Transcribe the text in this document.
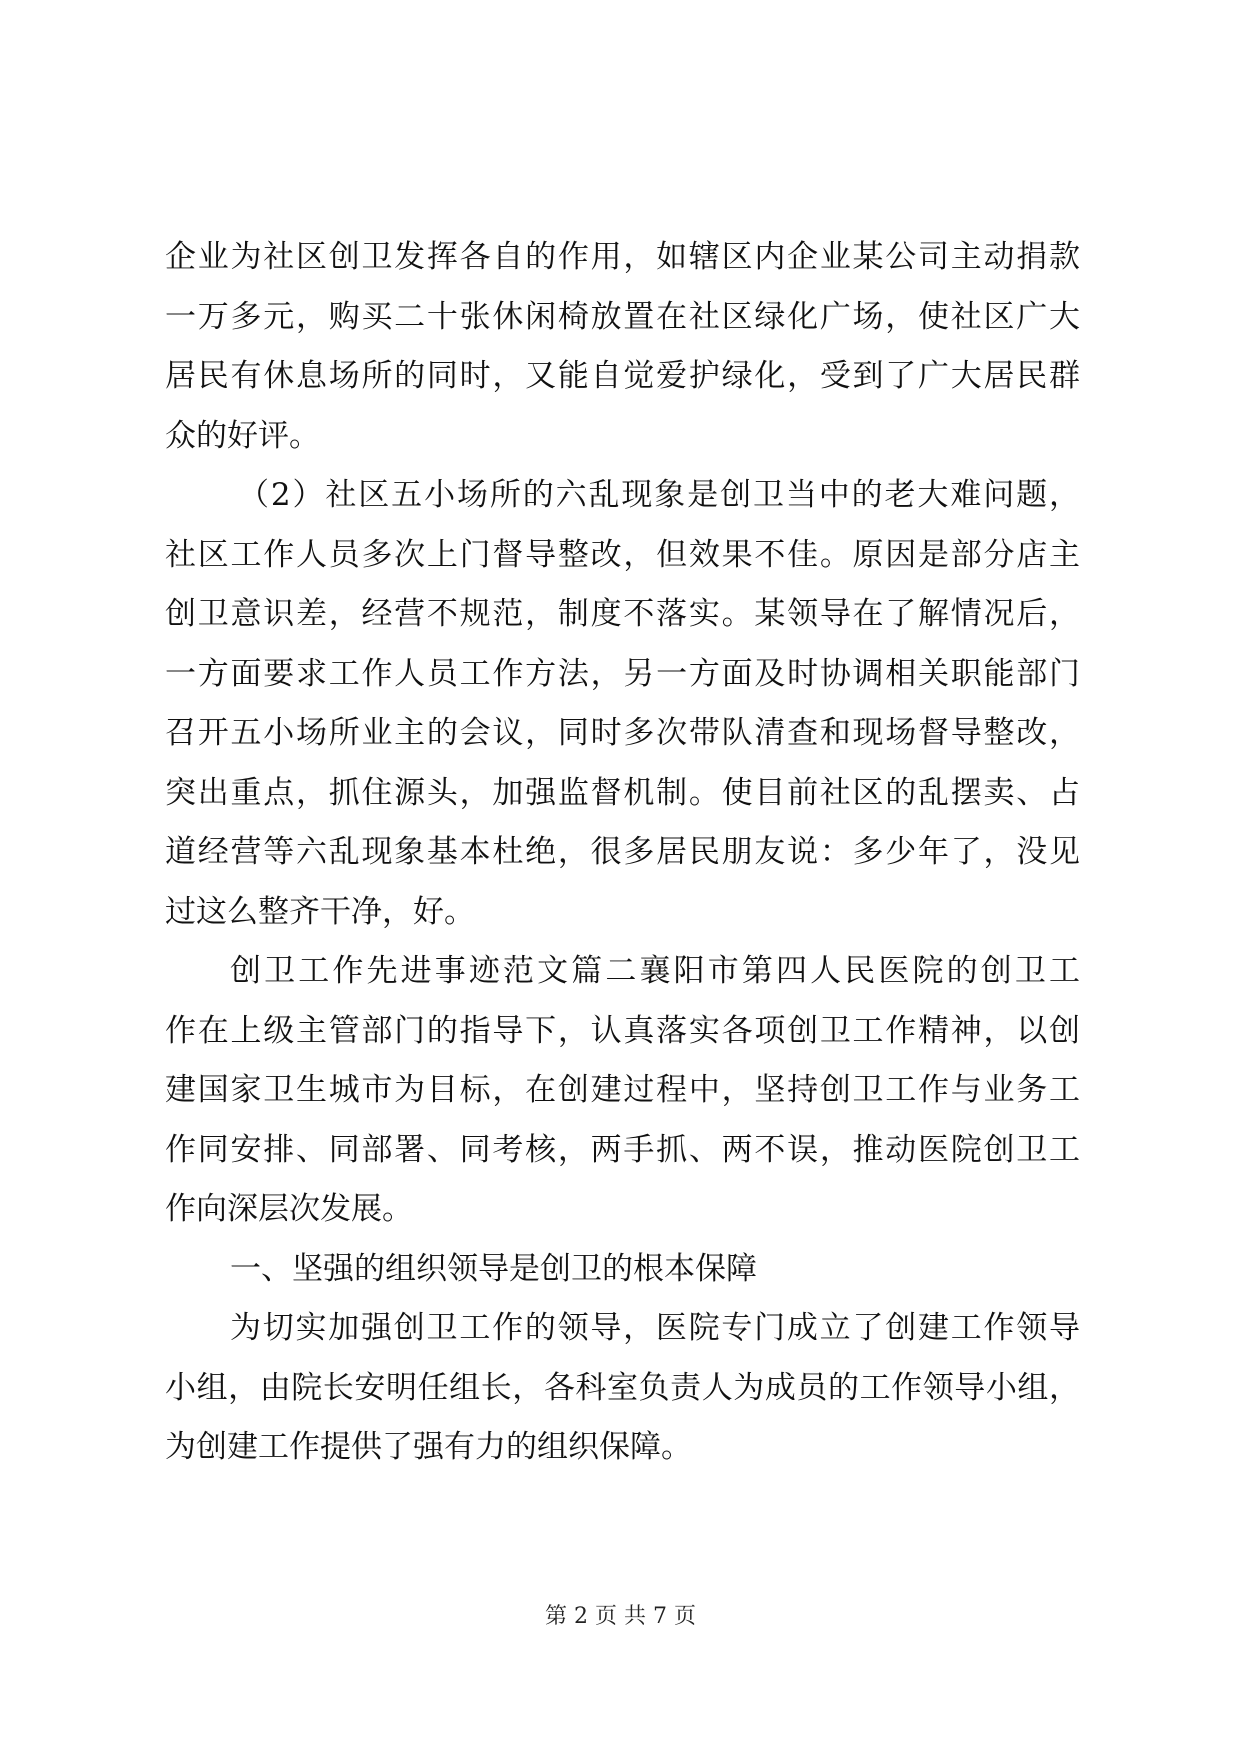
企业为社区创卫发挥各自的作用，如辖区内企业某公司主动捐款
一万多元，购买二十张休闲椅放置在社区绿化广场，使社区广大
居民有休息场所的同时，又能自觉爱护绿化，受到了广大居民群
众的好评。
（2）社区五小场所的六乱现象是创卫当中的老大难问题，
社区工作人员多次上门督导整改，但效果不佳。原因是部分店主
创卫意识差，经营不规范，制度不落实。某领导在了解情况后，
一方面要求工作人员工作方法，另一方面及时协调相关职能部门
召开五小场所业主的会议，同时多次带队清查和现场督导整改，
突出重点，抓住源头，加强监督机制。使目前社区的乱摆卖、占
道经营等六乱现象基本杜绝，很多居民朋友说：多少年了，没见
过这么整齐干净，好。
创卫工作先进事迹范文篇二襄阳市第四人民医院的创卫工
作在上级主管部门的指导下，认真落实各项创卫工作精神，以创
建国家卫生城市为目标，在创建过程中，坚持创卫工作与业务工
作同安排、同部署、同考核，两手抓、两不误，推动医院创卫工
作向深层次发展。
一、坚强的组织领导是创卫的根本保障
为切实加强创卫工作的领导，医院专门成立了创建工作领导
小组，由院长安明任组长，各科室负责人为成员的工作领导小组，
为创建工作提供了强有力的组织保障。
第 2 页 共 7 页
